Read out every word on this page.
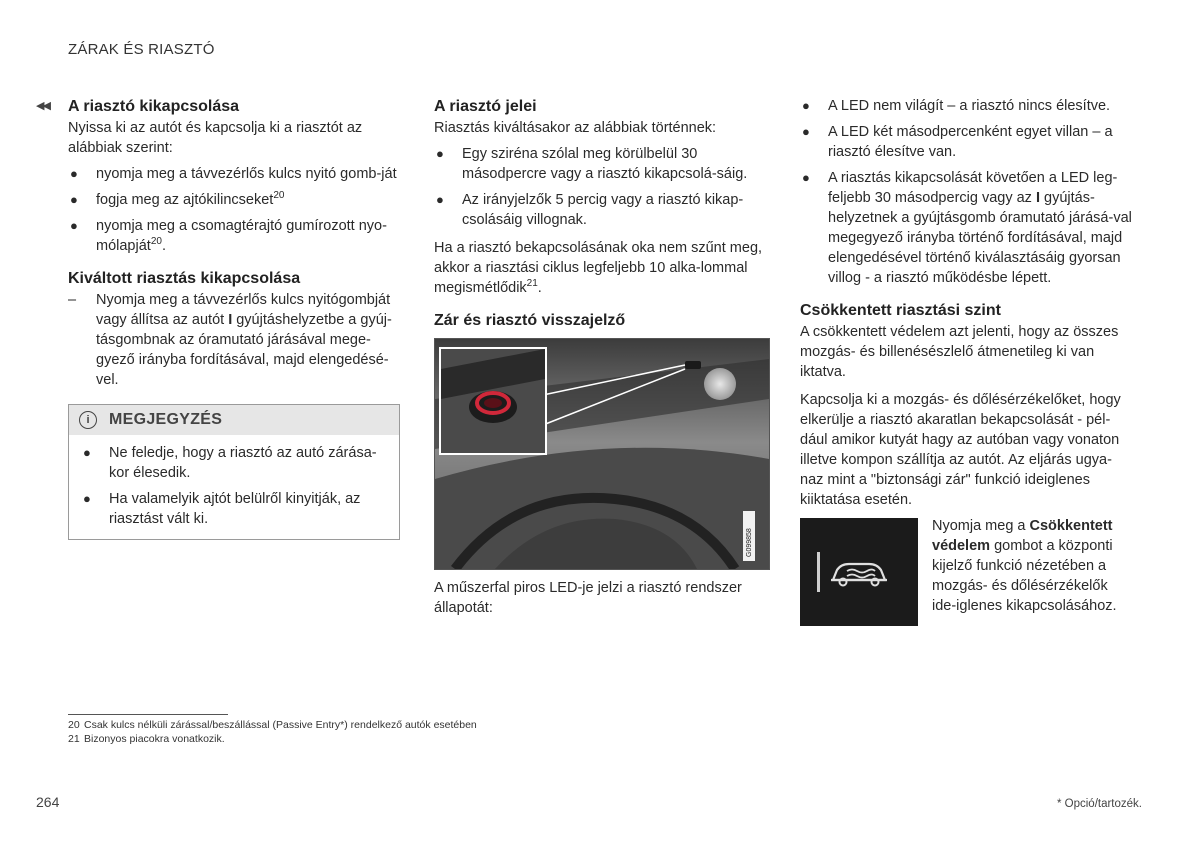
ZÁRAK ÉS RIASZTÓ
◀◀ A riasztó kikapcsolása

Nyissa ki az autót és kapcsolja ki a riasztót az alábbiak szerint:

● nyomja meg a távvezérlős kulcs nyitó gomb-ját
● fogja meg az ajtókilincseket$^{20}$
● nyomja meg a csomagtérajtó gumírozott nyo-mólapját$^{20}$.
Kiváltott riasztás kikapcsolása
– Nyomja meg a távvezérlős kulcs nyitógombját vagy állítsa az autót I gyújtáshelyzetbe a gyúj-tásgombnak az óramutató járásával mege-gyező irányba fordításával, majd elengedésé-vel.
i	MEGJEGYZÉS
● Ne feledje, hogy a riasztó az autó zárása-kor élesedik.
● Ha valamelyik ajtót belülről kinyitják, az riasztást vált ki.
A riasztó jelei

Riasztás kiváltásakor az alábbiak történnek:

● Egy sziréna szólal meg körülbelül 30 másodpercre vagy a riasztó kikapcsolá-sáig.
● Az irányjelzők 5 percig vagy a riasztó kikap-csolásáig villognak.

Ha a riasztó bekapcsolásának oka nem szűnt meg, akkor a riasztási ciklus legfeljebb 10 alka-lommal megismétlődik$^{21}$.

Zár és riasztó visszajelző
G099858

A műszerfal piros LED-je jelzi a riasztó rendszer állapotát:

● A LED nem világít – a riasztó nincs élesítve.
● A LED két másodpercenként egyet villan – a riasztó élesítve van.
● A riasztás kikapcsolását követően a LED leg-feljebb 30 másodpercig vagy az I gyújtás-helyzetnek a gyújtásgomb óramutató járásá-val megegyező irányba történő fordításával, majd elengedésével történő kiválasztásáig gyorsan villog - a riasztó működésbe lépett.
Csökkentett riasztási szint

A csökkentett védelem azt jelenti, hogy az összes mozgás- és billenésészlelő átmenetileg ki van iktatva.

Kapcsolja ki a mozgás- és dőlésérzékelőket, hogy elkerülje a riasztó akaratlan bekapcsolását - pél-dául amikor kutyát hagy az autóban vagy vonaton illetve kompon szállítja az autót. Az eljárás ugya-naz mint a "biztonsági zár" funkció ideiglenes kiiktatása esetén.

Nyomja meg a Csökkentett védelem gombot a központi kijelző funkció nézetében a mozgás- és dőlésérzékelők ide-iglenes kikapcsolásához.

20 Csak kulcs nélküli zárással/beszállással (Passive Entry*) rendelkező autók esetében
21 Bizonyos piacokra vonatkozik.
264	* Opció/tartozék.
